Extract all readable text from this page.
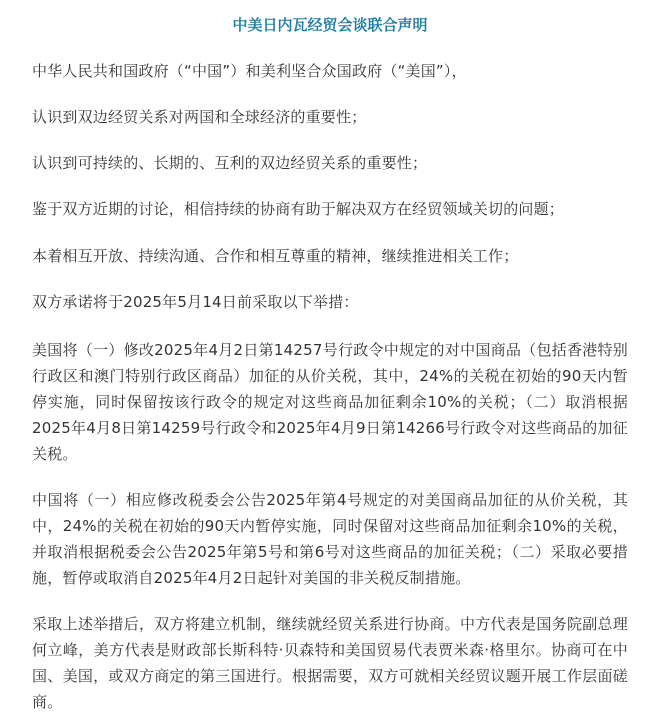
中美日内瓦经贸会谈联合声明

中华人民共和国政府（“中国”）和美利坚合众国政府（“美国”），

认识到双边经贸关系对两国和全球经济的重要性；

认识到可持续的、长期的、互利的双边经贸关系的重要性；

鉴于双方近期的讨论，相信持续的协商有助于解决双方在经贸领域关切的问题；

本着相互开放、持续沟通、合作和相互尊重的精神，继续推进相关工作；

双方承诺将于2025年5月14日前采取以下举措：

美国将（一）修改2025年4月2日第14257号行政令中规定的对中国商品（包括香港特别行政区和澳门特别行政区商品）加征的从价关税，其中，24%的关税在初始的90天内暂停实施，同时保留按该行政令的规定对这些商品加征剩余10%的关税；（二）取消根据2025年4月8日第14259号行政令和2025年4月9日第14266号行政令对这些商品的加征关税。

中国将（一）相应修改税委会公告2025年第4号规定的对美国商品加征的从价关税，其中，24%的关税在初始的90天内暂停实施，同时保留对这些商品加征剩余10%的关税，并取消根据税委会公告2025年第5号和第6号对这些商品的加征关税；（二）采取必要措施，暂停或取消自2025年4月2日起针对美国的非关税反制措施。

采取上述举措后，双方将建立机制，继续就经贸关系进行协商。中方代表是国务院副总理何立峰，美方代表是财政部长斯科特·贝森特和美国贸易代表贾米森·格里尔。协商可在中国、美国，或双方商定的第三国进行。根据需要，双方可就相关经贸议题开展工作层面磋商。
